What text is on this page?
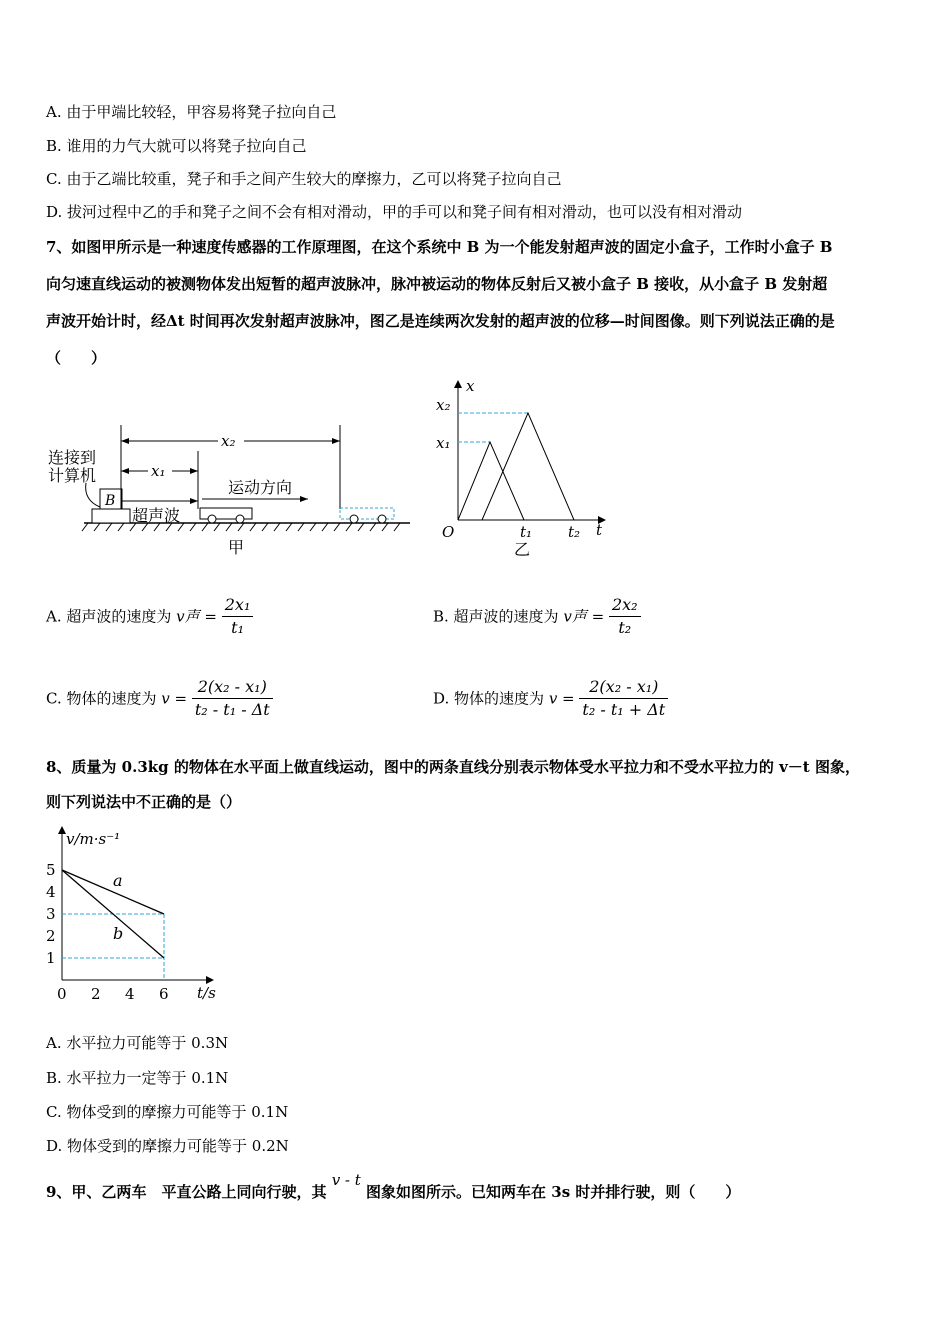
A. 由于甲端比较轻，甲容易将凳子拉向自己
B. 谁用的力气大就可以将凳子拉向自己
C. 由于乙端比较重，凳子和手之间产生较大的摩擦力，乙可以将凳子拉向自己
D. 拔河过程中乙的手和凳子之间不会有相对滑动，甲的手可以和凳子间有相对滑动，也可以没有相对滑动
7、如图甲所示是一种速度传感器的工作原理图，在这个系统中 B 为一个能发射超声波的固定小盒子，工作时小盒子 B
向匀速直线运动的被测物体发出短暂的超声波脉冲，脉冲被运动的物体反射后又被小盒子 B 接收，从小盒子 B 发射超
声波开始计时，经Δt 时间再次发射超声波脉冲，图乙是连续两次发射的超声波的位移—时间图像。则下列说法正确的是
（　　）
B
连接到
计算机
x₂
x₁
超声波
运动方向
甲
x
t
O
x₂
x₁
t₁ t₂
乙
A. 超声波的速度为 v声 = $\frac{\text{2x₁}}{\text{t₁}}$	B. 超声波的速度为 v声 = $\frac{\text{2x₂}}{\text{t₂}}$
C. 物体的速度为 $v = \frac{\text{2(x₂ - x₁)}}{\text{t₂ - t₁ - Δt}}$	D. 物体的速度为 $v = \frac{\text{2(x₂ - x₁)}}{\text{t₂ - t₁ + Δt}}$
8、质量为 0.3kg 的物体在水平面上做直线运动，图中的两条直线分别表示物体受水平拉力和不受水平拉力的 v－t 图象，
则下列说法中不正确的是（）
v/m·s⁻¹
t/s
5
4
3
2
1
0 2 4 6
a
b
A. 水平拉力可能等于 0.3N
B. 水平拉力一定等于 0.1N
C. 物体受到的摩擦力可能等于 0.1N
D. 物体受到的摩擦力可能等于 0.2N
9、甲、乙两车　平直公路上同向行驶，其 v - t 图象如图所示。已知两车在 3s 时并排行驶，则（　　）
